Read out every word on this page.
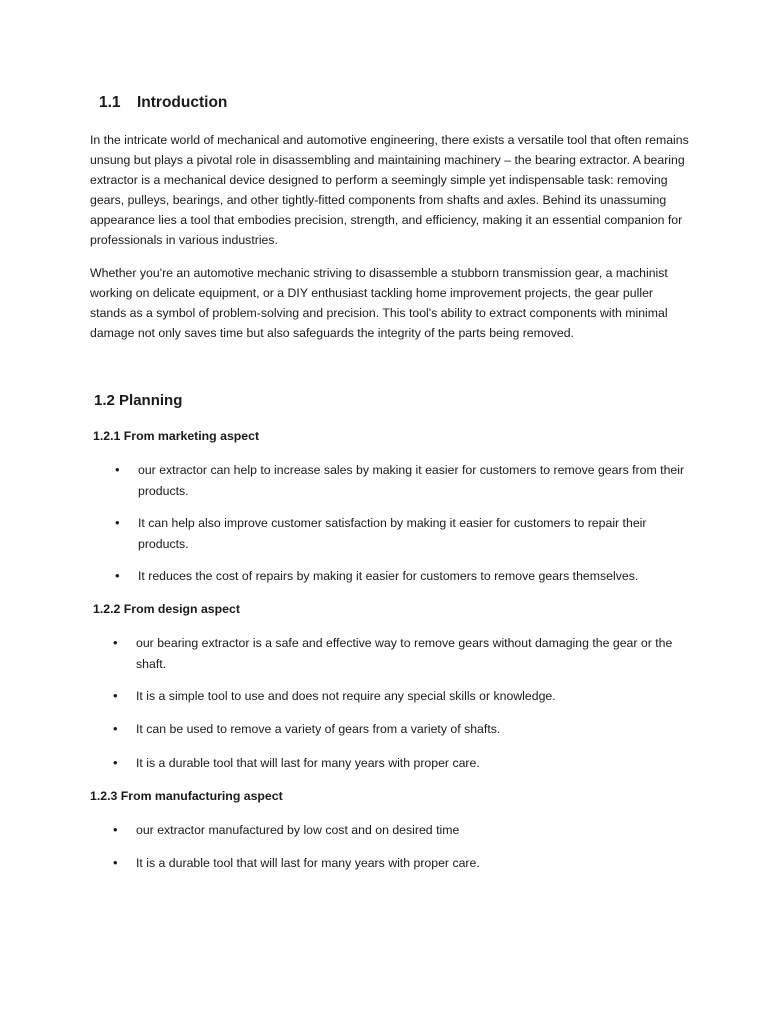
1.1 Introduction

In the intricate world of mechanical and automotive engineering, there exists a versatile tool that often remains unsung but plays a pivotal role in disassembling and maintaining machinery – the bearing extractor. A bearing extractor is a mechanical device designed to perform a seemingly simple yet indispensable task: removing gears, pulleys, bearings, and other tightly-fitted components from shafts and axles. Behind its unassuming appearance lies a tool that embodies precision, strength, and efficiency, making it an essential companion for professionals in various industries.

Whether you're an automotive mechanic striving to disassemble a stubborn transmission gear, a machinist working on delicate equipment, or a DIY enthusiast tackling home improvement projects, the gear puller stands as a symbol of problem-solving and precision. This tool's ability to extract components with minimal damage not only saves time but also safeguards the integrity of the parts being removed.

1.2 Planning
1.2.1 From marketing aspect
• our extractor can help to increase sales by making it easier for customers to remove gears from their products.
• It can help also improve customer satisfaction by making it easier for customers to repair their products.
• It reduces the cost of repairs by making it easier for customers to remove gears themselves.
1.2.2 From design aspect
• our bearing extractor is a safe and effective way to remove gears without damaging the gear or the shaft.
• It is a simple tool to use and does not require any special skills or knowledge.
• It can be used to remove a variety of gears from a variety of shafts.
• It is a durable tool that will last for many years with proper care.
1.2.3 From manufacturing aspect
• our extractor manufactured by low cost and on desired time
• It is a durable tool that will last for many years with proper care.
